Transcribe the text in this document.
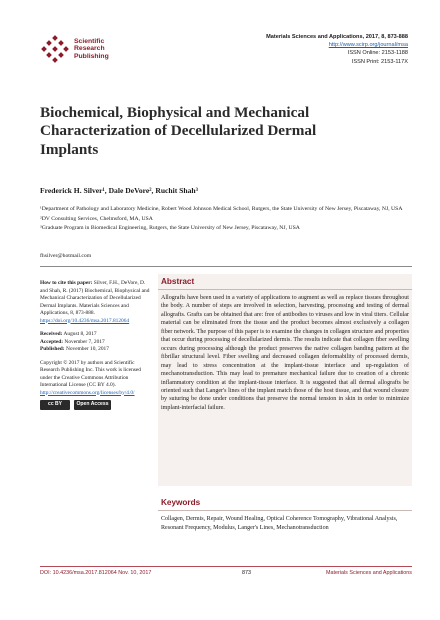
Scientific
Research
Publishing
Materials Sciences and Applications, 2017, 8, 873-888
http://www.scirp.org/journal/msa
ISSN Online: 2153-1188
ISSN Print: 2153-117X
Biochemical, Biophysical and Mechanical
Characterization of Decellularized Dermal
Implants
Frederick H. Silver¹, Dale DeVore², Ruchit Shah³

¹Department of Pathology and Laboratory Medicine, Robert Wood Johnson Medical School, Rutgers, the State University of New Jersey, Piscataway, NJ, USA

²DV Consulting Services, Chelmsford, MA, USA

³Graduate Program in Biomedical Engineering, Rutgers, the State University of New Jersey, Piscataway, NJ, USA

fhsilver@hotmail.com
How to cite this paper: Silver, F.H., DeVore, D. and Shah, R. (2017) Biochemical, Biophysical and Mechanical Characterization of Decellularized Dermal Implants. Materials Sciences and Applications, 8, 873-888.
https://doi.org/10.4236/msa.2017.812064
Received: August 8, 2017
Accepted: November 7, 2017
Published: November 10, 2017
Copyright © 2017 by authors and Scientific Research Publishing Inc. This work is licensed under the Creative Commons Attribution International License (CC BY 4.0).
http://creativecommons.org/licenses/by/4.0/
cc BY	Open Access
Abstract
Allografts have been used in a variety of applications to augment as well as replace tissues throughout the body. A number of steps are involved in selection, harvesting, processing and testing of dermal allografts. Grafts can be obtained that are: free of antibodies to viruses and low in viral titers. Cellular material can be eliminated from the tissue and the product becomes almost exclusively a collagen fiber network. The purpose of this paper is to examine the changes in collagen structure and properties that occur during processing of decellularized dermis. The results indicate that collagen fiber swelling occurs during processing although the product preserves the native collagen banding pattern at the fibrillar structural level. Fiber swelling and decreased collagen deformability of processed dermis, may lead to stress concentration at the implant-tissue interface and up-regulation of mechanotransduction. This may lead to premature mechanical failure due to creation of a chronic inflammatory condition at the implant-tissue interface. It is suggested that all dermal allografts be oriented such that Langer's lines of the implant match those of the host tissue, and that wound closure by suturing be done under conditions that preserve the normal tension in skin in order to minimize implant-interfacial failure.
Keywords
Collagen, Dermis, Repair, Wound Healing, Optical Coherence Tomography, Vibrational Analysis, Resonant Frequency, Modulus, Langer's Lines, Mechanotransduction
DOI: 10.4236/msa.2017.812064 Nov. 10, 2017	873	Materials Sciences and Applications
